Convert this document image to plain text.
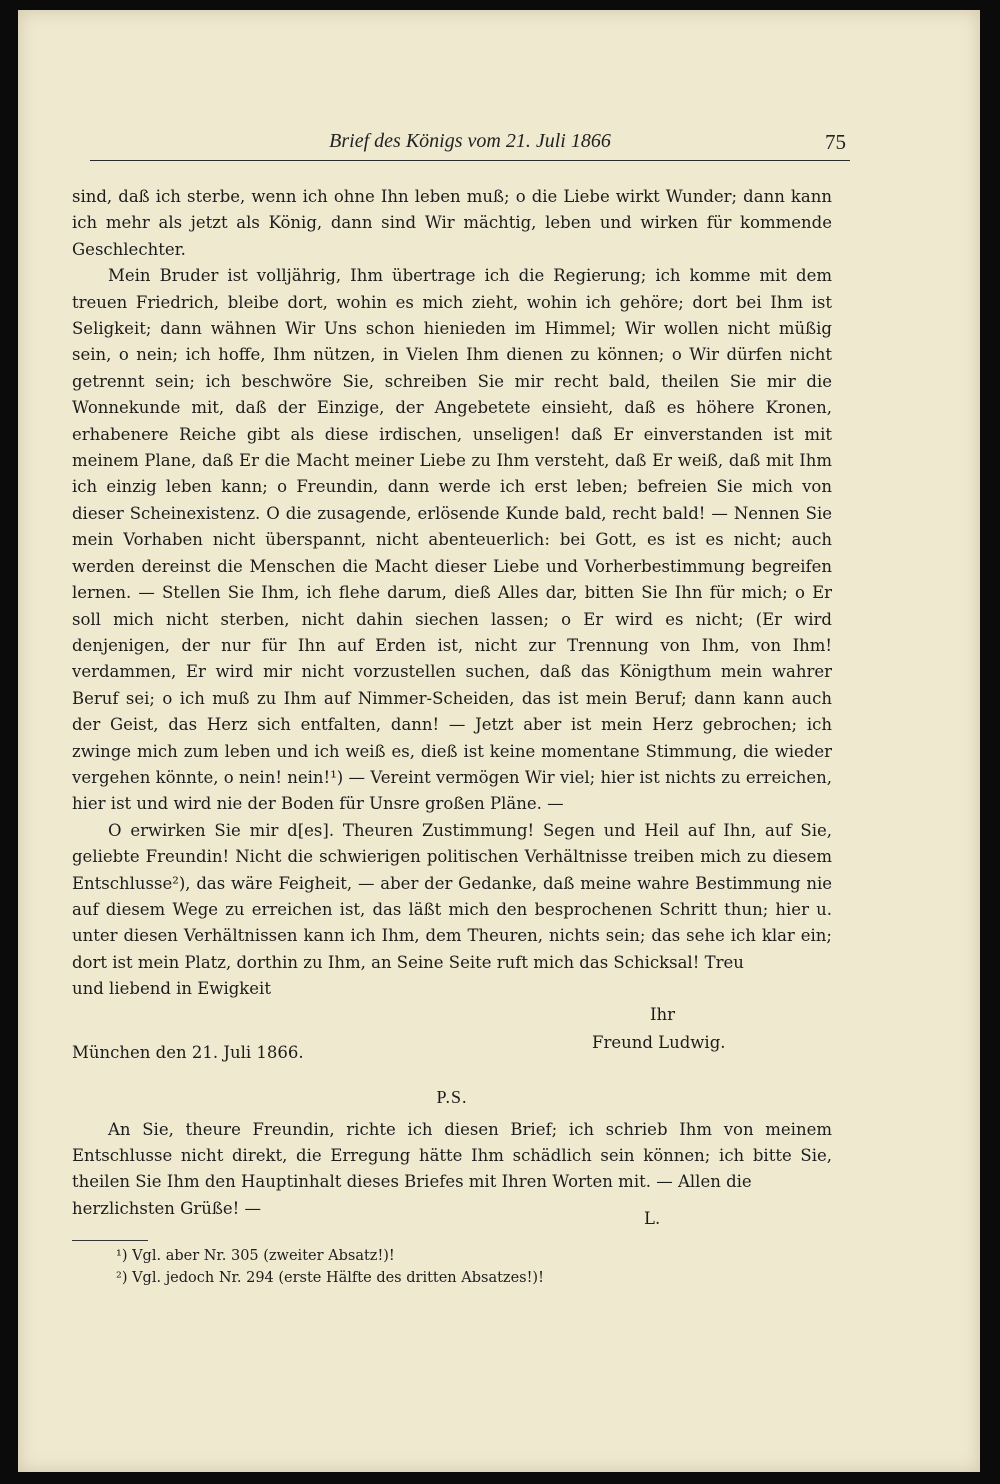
Brief des Königs vom 21. Juli 1866	75

sind, daß ich sterbe, wenn ich ohne Ihn leben muß; o die Liebe wirkt Wunder; dann kann ich mehr als jetzt als König, dann sind Wir mächtig, leben und wirken für kommende Geschlechter.

Mein Bruder ist volljährig, Ihm übertrage ich die Regierung; ich komme mit dem treuen Friedrich, bleibe dort, wohin es mich zieht, wohin ich gehöre; dort bei Ihm ist Seligkeit; dann wähnen Wir Uns schon hienieden im Himmel; Wir wollen nicht müßig sein, o nein; ich hoffe, Ihm nützen, in Vielen Ihm dienen zu können; o Wir dürfen nicht getrennt sein; ich beschwöre Sie, schreiben Sie mir recht bald, theilen Sie mir die Wonnekunde mit, daß der Einzige, der Angebetete einsieht, daß es höhere Kronen, erhabenere Reiche gibt als diese irdischen, unseligen! daß Er einverstanden ist mit meinem Plane, daß Er die Macht meiner Liebe zu Ihm versteht, daß Er weiß, daß mit Ihm ich einzig leben kann; o Freundin, dann werde ich erst leben; befreien Sie mich von dieser Scheinexistenz. O die zusagende, erlösende Kunde bald, recht bald! — Nennen Sie mein Vorhaben nicht überspannt, nicht abenteuerlich: bei Gott, es ist es nicht; auch werden dereinst die Menschen die Macht dieser Liebe und Vorherbestimmung begreifen lernen. — Stellen Sie Ihm, ich flehe darum, dieß Alles dar, bitten Sie Ihn für mich; o Er soll mich nicht sterben, nicht dahin siechen lassen; o Er wird es nicht; (Er wird denjenigen, der nur für Ihn auf Erden ist, nicht zur Trennung von Ihm, von Ihm! verdammen, Er wird mir nicht vorzustellen suchen, daß das Königthum mein wahrer Beruf sei; o ich muß zu Ihm auf Nimmer-Scheiden, das ist mein Beruf; dann kann auch der Geist, das Herz sich entfalten, dann! — Jetzt aber ist mein Herz gebrochen; ich zwinge mich zum leben und ich weiß es, dieß ist keine momentane Stimmung, die wieder vergehen könnte, o nein! nein!¹) — Vereint vermögen Wir viel; hier ist nichts zu erreichen, hier ist und wird nie der Boden für Unsre großen Pläne. —

O erwirken Sie mir d[es]. Theuren Zustimmung! Segen und Heil auf Ihn, auf Sie, geliebte Freundin! Nicht die schwierigen politischen Verhältnisse treiben mich zu diesem Entschlusse²), das wäre Feigheit, — aber der Gedanke, daß meine wahre Bestimmung nie auf diesem Wege zu erreichen ist, das läßt mich den besprochenen Schritt thun; hier u. unter diesen Verhältnissen kann ich Ihm, dem Theuren, nichts sein; das sehe ich klar ein; dort ist mein Platz, dorthin zu Ihm, an Seine Seite ruft mich das Schicksal! Treu

und liebend in Ewigkeit
Ihr
Freund Ludwig.
München den 21. Juli 1866.
P.S.

An Sie, theure Freundin, richte ich diesen Brief; ich schrieb Ihm von meinem Entschlusse nicht direkt, die Erregung hätte Ihm schädlich sein können; ich bitte Sie, theilen Sie Ihm den Hauptinhalt dieses Briefes mit Ihren Worten mit. — Allen die

herzlichsten Grüße! —
L.
¹) Vgl. aber Nr. 305 (zweiter Absatz!)!
²) Vgl. jedoch Nr. 294 (erste Hälfte des dritten Absatzes!)!
